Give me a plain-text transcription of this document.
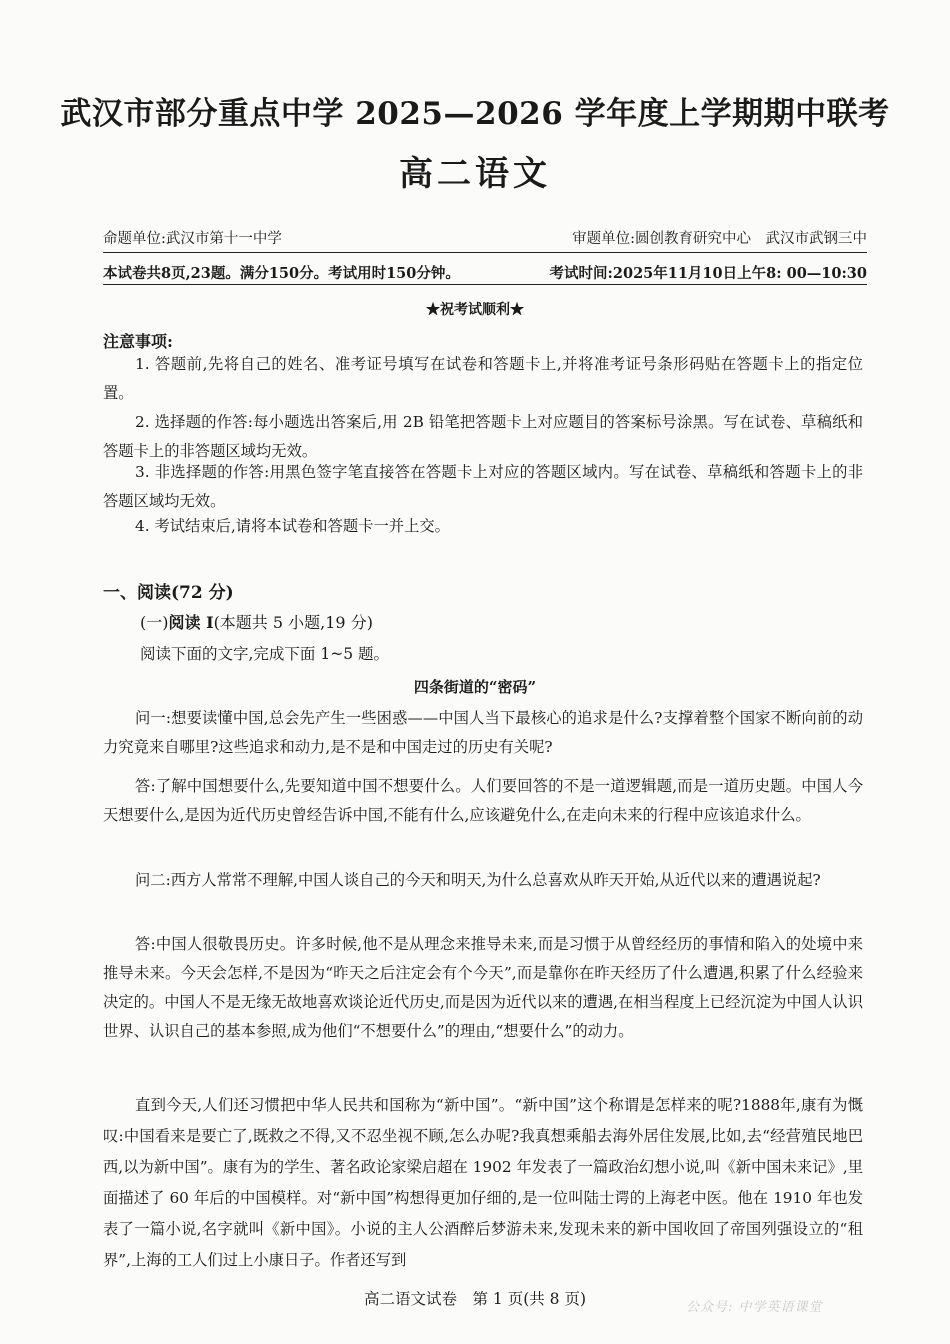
武汉市部分重点中学 2025—2026 学年度上学期期中联考
高二语文
命题单位:武汉市第十一中学	审题单位:圆创教育研究中心　武汉市武钢三中
本试卷共8页,23题。满分150分。考试用时150分钟。	考试时间:2025年11月10日上午8: 00—10:30
★祝考试顺利★
注意事项:
1. 答题前,先将自己的姓名、准考证号填写在试卷和答题卡上,并将准考证号条形码贴在答题卡上的指定位置。
2. 选择题的作答:每小题选出答案后,用 2B 铅笔把答题卡上对应题目的答案标号涂黑。写在试卷、草稿纸和答题卡上的非答题区域均无效。
3. 非选择题的作答:用黑色签字笔直接答在答题卡上对应的答题区域内。写在试卷、草稿纸和答题卡上的非答题区域均无效。
4. 考试结束后,请将本试卷和答题卡一并上交。
一、阅读(72 分)
(一)阅读 I(本题共 5 小题,19 分)
阅读下面的文字,完成下面 1~5 题。
四条街道的“密码”
问一:想要读懂中国,总会先产生一些困惑——中国人当下最核心的追求是什么?支撑着整个国家不断向前的动力究竟来自哪里?这些追求和动力,是不是和中国走过的历史有关呢?
答:了解中国想要什么,先要知道中国不想要什么。人们要回答的不是一道逻辑题,而是一道历史题。中国人今天想要什么,是因为近代历史曾经告诉中国,不能有什么,应该避免什么,在走向未来的行程中应该追求什么。
问二:西方人常常不理解,中国人谈自己的今天和明天,为什么总喜欢从昨天开始,从近代以来的遭遇说起?
答:中国人很敬畏历史。许多时候,他不是从理念来推导未来,而是习惯于从曾经经历的事情和陷入的处境中来推导未来。今天会怎样,不是因为“昨天之后注定会有个今天”,而是靠你在昨天经历了什么遭遇,积累了什么经验来决定的。中国人不是无缘无故地喜欢谈论近代历史,而是因为近代以来的遭遇,在相当程度上已经沉淀为中国人认识世界、认识自己的基本参照,成为他们“不想要什么”的理由,“想要什么”的动力。
直到今天,人们还习惯把中华人民共和国称为“新中国”。“新中国”这个称谓是怎样来的呢?1888年,康有为慨叹:中国看来是要亡了,既救之不得,又不忍坐视不顾,怎么办呢?我真想乘船去海外居住发展,比如,去“经营殖民地巴西,以为新中国”。康有为的学生、著名政论家梁启超在 1902 年发表了一篇政治幻想小说,叫《新中国未来记》,里面描述了 60 年后的中国模样。对“新中国”构想得更加仔细的,是一位叫陆士谔的上海老中医。他在 1910 年也发表了一篇小说,名字就叫《新中国》。小说的主人公酒醉后梦游未来,发现未来的新中国收回了帝国列强设立的“租界”,上海的工人们过上小康日子。作者还写到
高二语文试卷　第 1 页(共 8 页)	公众号: 中学英语课堂
